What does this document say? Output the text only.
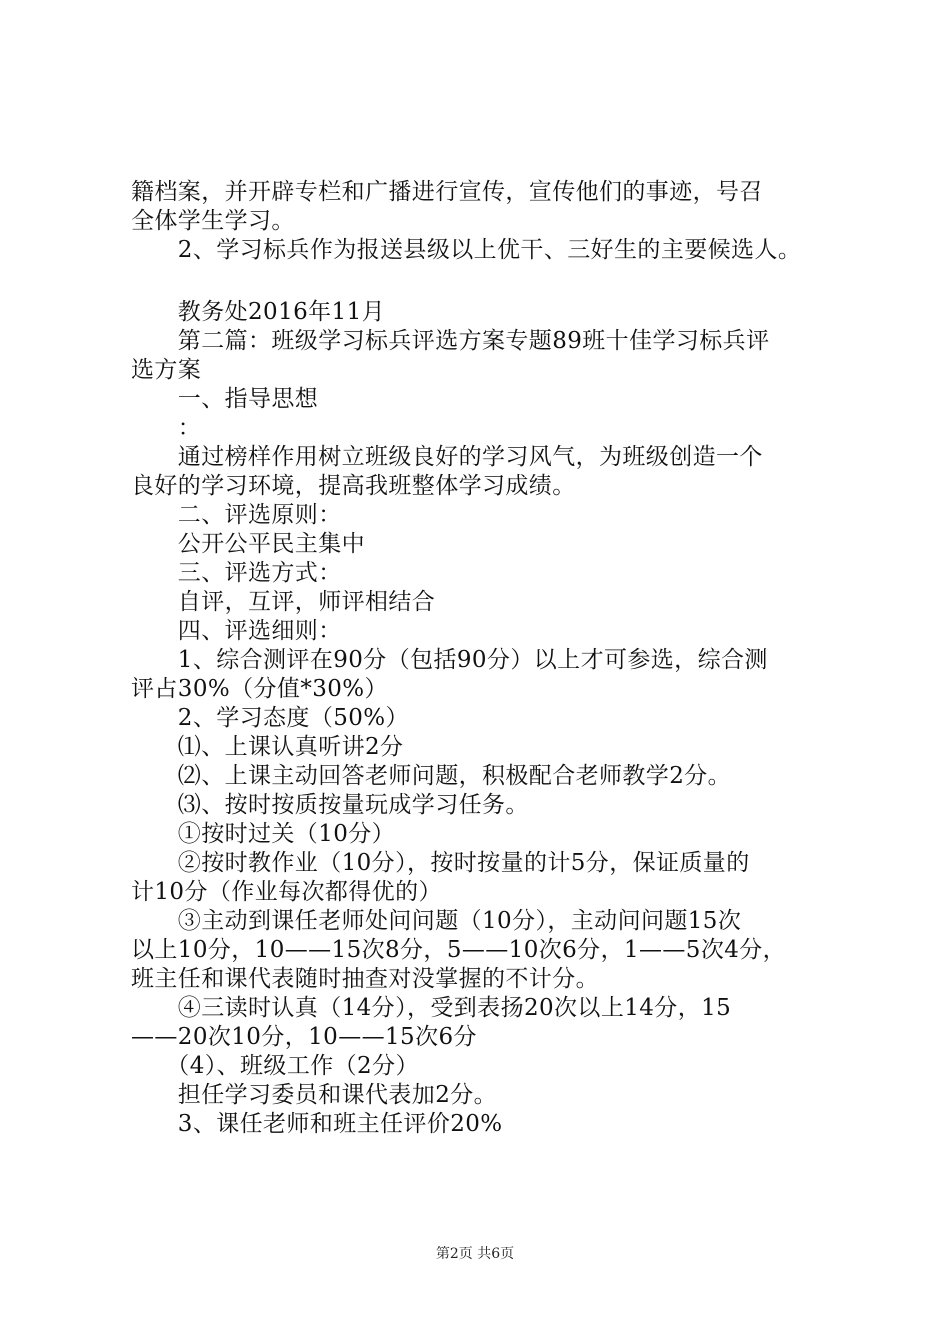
籍档案，并开辟专栏和广播进行宣传，宣传他们的事迹，号召
全体学生学习。
　　2、学习标兵作为报送县级以上优干、三好生的主要候选人。
　　教务处2016年11月
　　第二篇：班级学习标兵评选方案专题89班十佳学习标兵评
选方案
　　一、指导思想
　　：
　　通过榜样作用树立班级良好的学习风气，为班级创造一个
良好的学习环境，提高我班整体学习成绩。
　　二、评选原则：
　　公开公平民主集中
　　三、评选方式：
　　自评，互评，师评相结合
　　四、评选细则：
　　1、综合测评在90分（包括90分）以上才可参选，综合测
评占30%（分值*30%）
　　2、学习态度（50%）
　　⑴、上课认真听讲2分
　　⑵、上课主动回答老师问题，积极配合老师教学2分。
　　⑶、按时按质按量玩成学习任务。
　　①按时过关（10分）
　　②按时教作业（10分），按时按量的计5分，保证质量的
计10分（作业每次都得优的）
　　③主动到课任老师处问问题（10分），主动问问题15次
以上10分，10——15次8分，5——10次6分，1——5次4分，
班主任和课代表随时抽查对没掌握的不计分。
　　④三读时认真（14分），受到表扬20次以上14分，15
——20次10分，10——15次6分
　　（4）、班级工作（2分）
　　担任学习委员和课代表加2分。
　　3、课任老师和班主任评价20%
第2页 共6页
